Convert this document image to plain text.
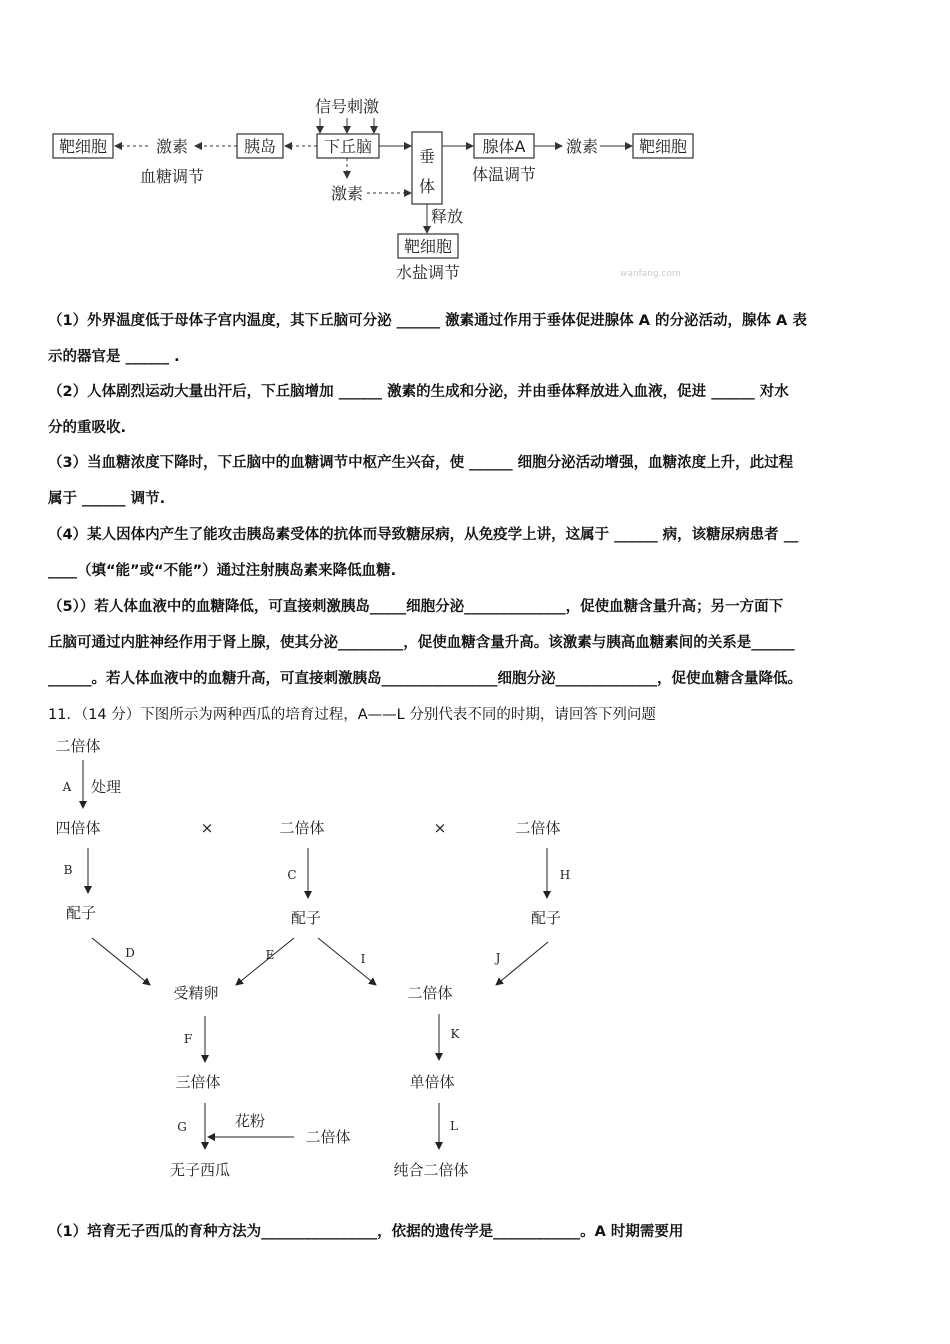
靶细胞	激素
血糖调节
胰岛	下丘脑
信号刺激
垂
体
激素
腺体A
体温调节
激素	靶细胞
释放
靶细胞
水盐调节	wanfang.com
（1）外界温度低于母体子宫内温度，其下丘脑可分泌 ______ 激素通过作用于垂体促进腺体 A 的分泌活动，腺体 A 表
示的器官是 ______ .
（2）人体剧烈运动大量出汗后，下丘脑增加 ______ 激素的生成和分泌，并由垂体释放进入血液，促进 ______ 对水
分的重吸收.
（3）当血糖浓度下降时，下丘脑中的血糖调节中枢产生兴奋，使 ______ 细胞分泌活动增强，血糖浓度上升，此过程
属于 ______ 调节.
（4）某人因体内产生了能攻击胰岛素受体的抗体而导致糖尿病，从免疫学上讲，这属于 ______ 病，该糖尿病患者 __
____（填“能”或“不能”）通过注射胰岛素来降低血糖.
（5））若人体血液中的血糖降低，可直接刺激胰岛_____细胞分泌______________，促使血糖含量升高；另一方面下
丘脑可通过内脏神经作用于肾上腺，使其分泌_________，促使血糖含量升高。该激素与胰高血糖素间的关系是______
______。若人体血液中的血糖升高，可直接刺激胰岛________________细胞分泌______________，促使血糖含量降低。
11．（14 分）下图所示为两种西瓜的培育过程，A——L 分别代表不同的时期，请回答下列问题
二倍体
A 处理
四倍体	×	二倍体	×	二倍体
B	C	H
配子	配子	配子
D	E	I	J
受精卵	二倍体
F	K
三倍体	单倍体
G	花粉
二倍体
L
无子西瓜	纯合二倍体
（1）培育无子西瓜的育种方法为________________，依据的遗传学是____________。A 时期需要用
